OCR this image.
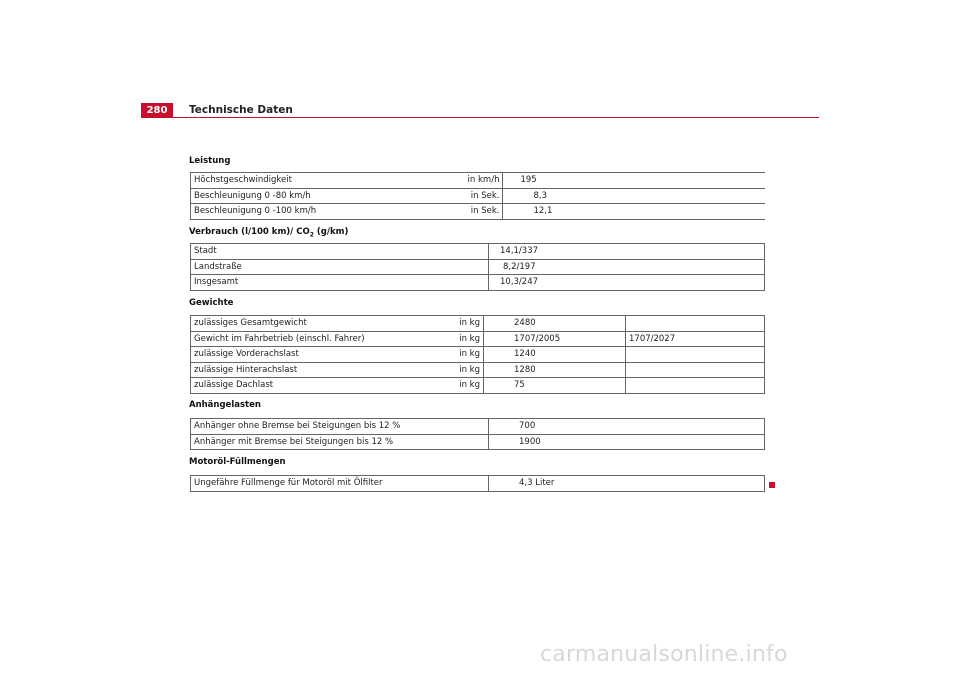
280	Technische Daten
Leistung
Höchstgeschwindigkeit	in km/h	195
Beschleunigung 0 -80 km/h	in Sek.	8,3
Beschleunigung 0 -100 km/h	in Sek.	12,1
Verbrauch (l/100 km)/ $CO_2$ (g/km)
Stadt	14,1/337
Landstraße	8,2/197
Insgesamt	10,3/247
Gewichte
zulässiges Gesamtgewicht	in kg	2480	
Gewicht im Fahrbetrieb (einschl. Fahrer)	in kg	1707/2005	1707/2027
zulässige Vorderachslast	in kg	1240	
zulässige Hinterachslast	in kg	1280	
zulässige Dachlast	in kg	75	
Anhängelasten
Anhänger ohne Bremse bei Steigungen bis 12 %	700
Anhänger mit Bremse bei Steigungen bis 12 %	1900
Motoröl-Füllmengen
Ungefähre Füllmenge für Motoröl mit Ölfilter	4,3 Liter
carmanualsonline.info
